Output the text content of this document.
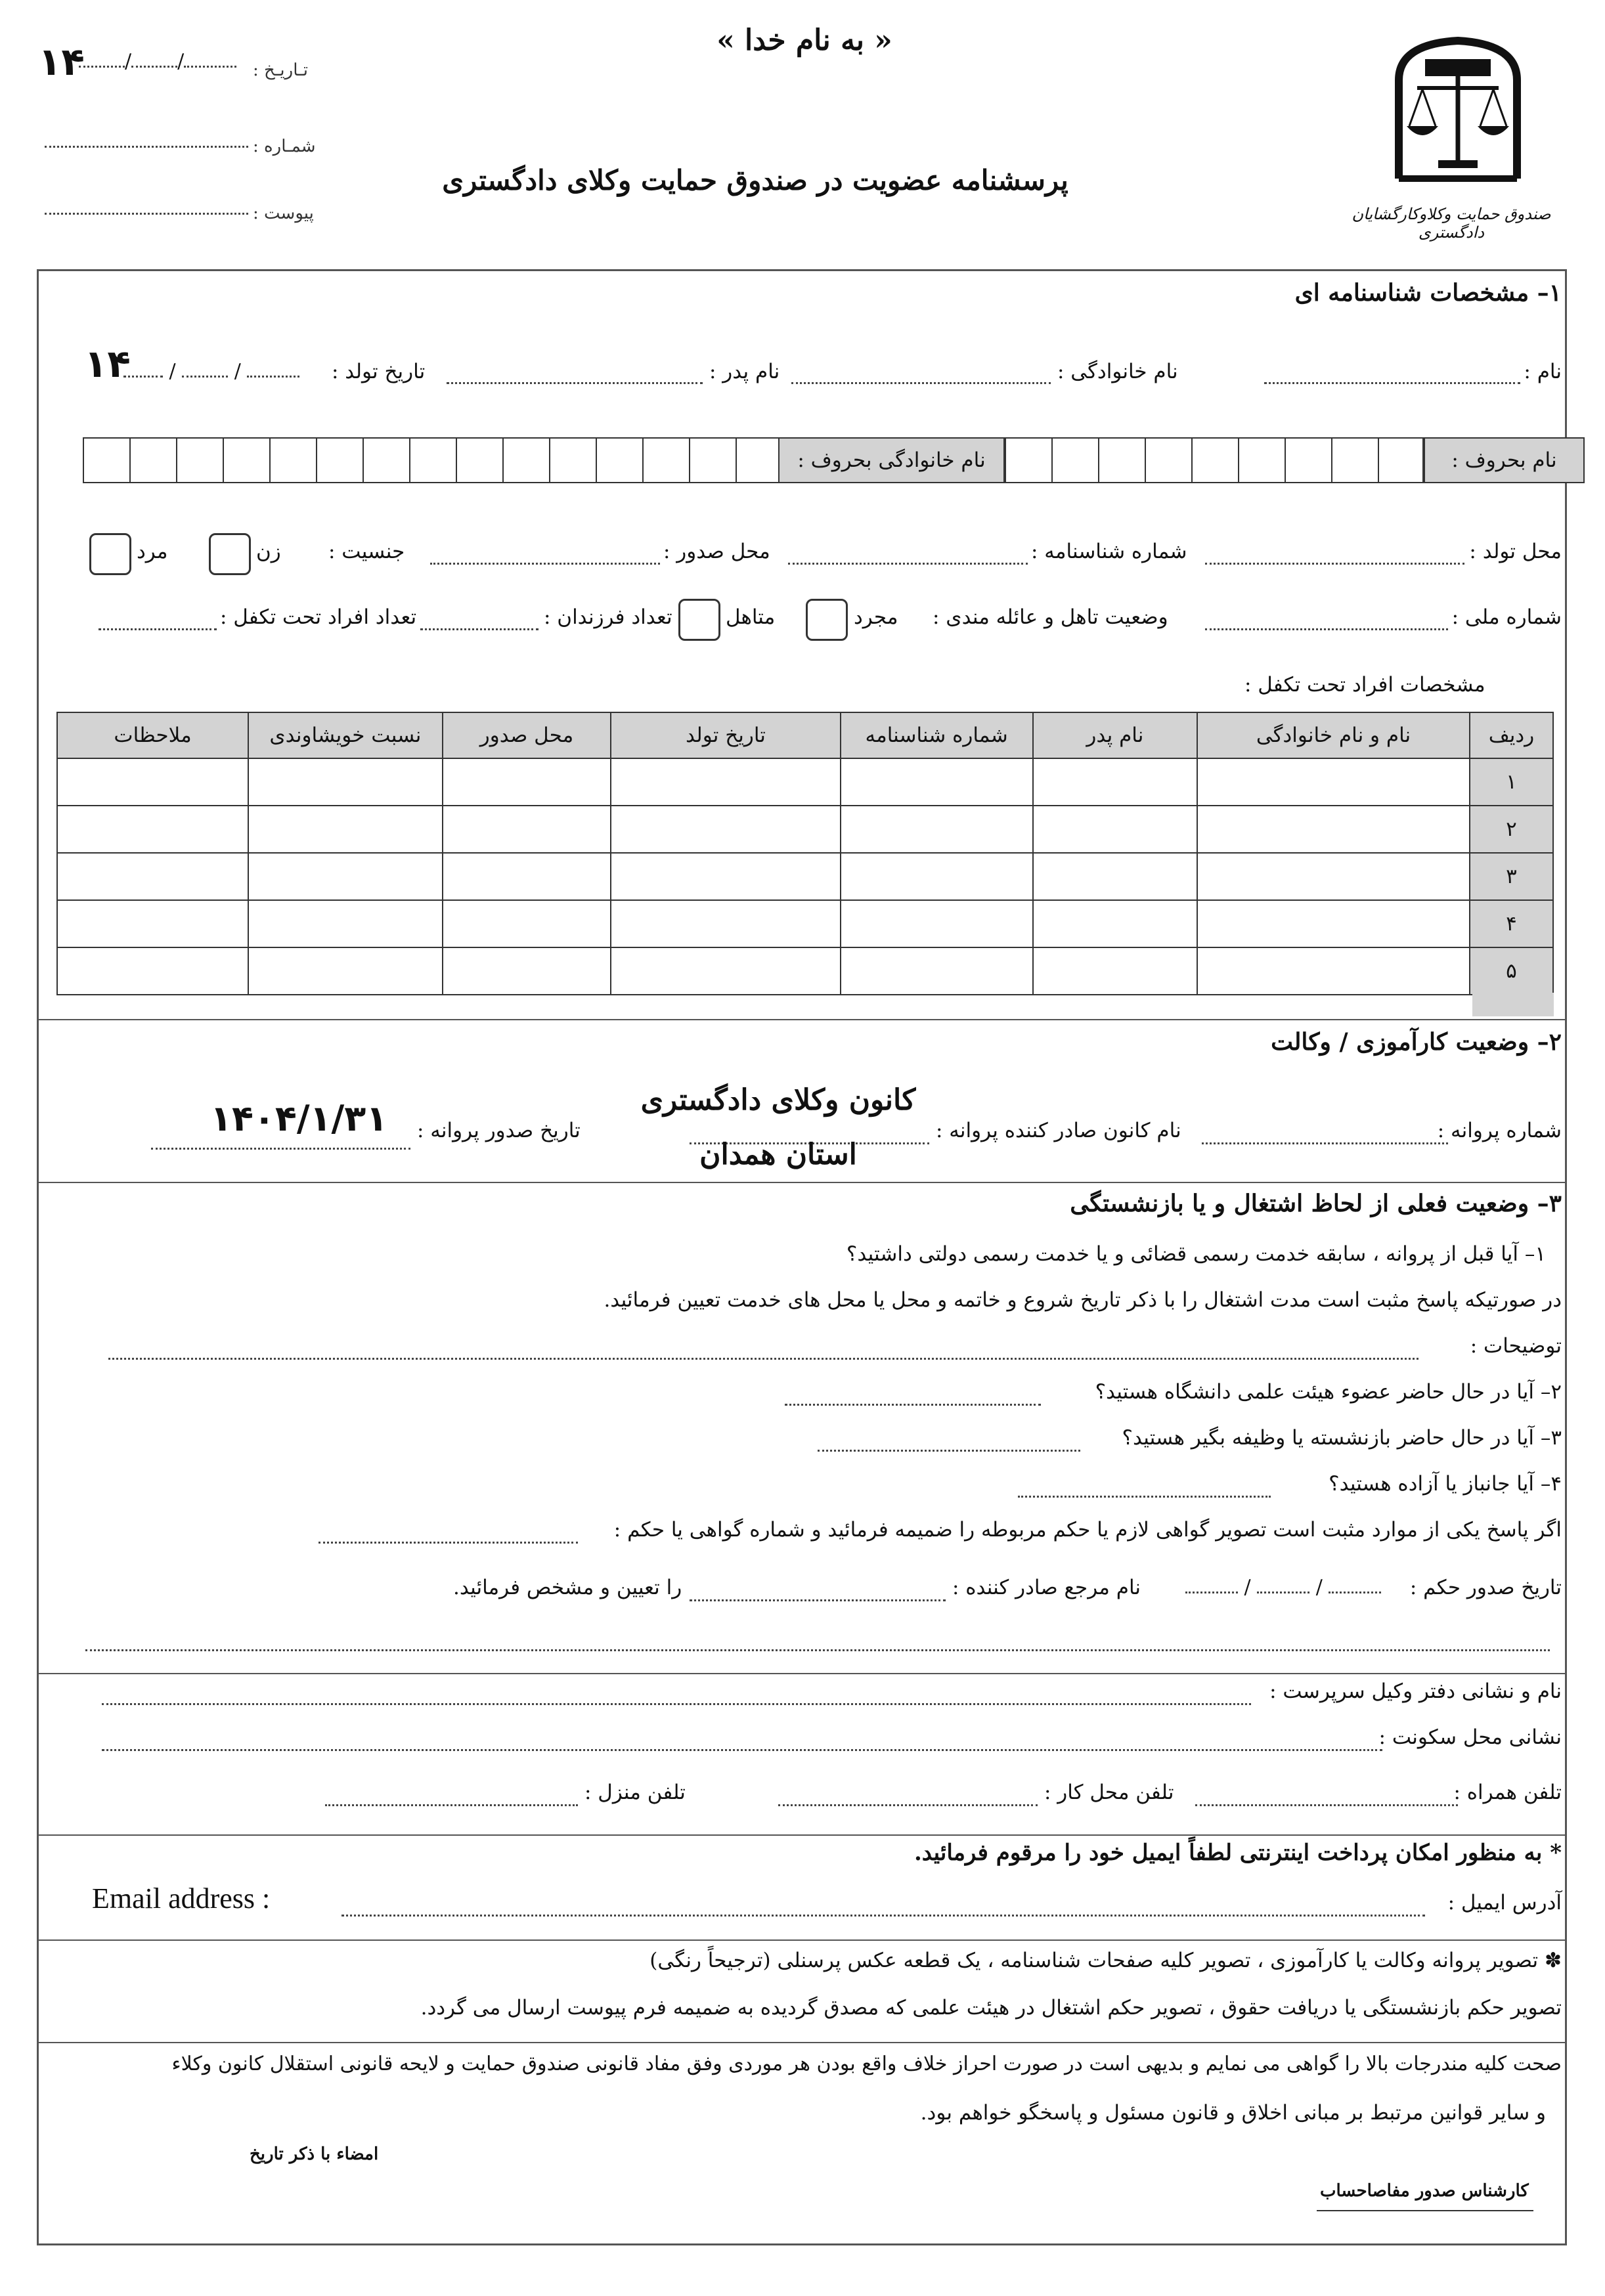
« به نام خدا »
پرسشنامه عضویت در صندوق حمایت وکلای دادگستری
۱۴	/ /	تـاریـخ :
شمـاره :
پیوست :	صندوق حمایت وکلاوکارگشایان دادگستری
۱– مشخصات شناسنامه ای
نام :
نام خانوادگی :
نام پدر :
تاریخ تولد :
۱۴	/  /
نام خانوادگی بحروف :	نام بحروف :
محل تولد :
شماره شناسنامه :
محل صدور :
جنسیت :
زن
مرد
شماره ملی :
وضعیت تاهل و عائله مندی :
مجرد
متاهل
تعداد فرزندان :
تعداد افراد تحت تکفل :
مشخصات افراد تحت تکفل :
ردیف	نام و نام خانوادگی	نام پدر	شماره شناسنامه	تاریخ تولد	محل صدور	نسبت خویشاوندی	ملاحظات
۱							
۲							
۳							
۴							
۵							
۲– وضعیت کارآموزی / وکالت
شماره پروانه :
نام کانون صادر کننده پروانه :
کانون وکلای دادگستری
استان همدان
تاریخ صدور پروانه :
۱۴۰۴/۱/۳۱
۳– وضعیت فعلی از لحاظ اشتغال و یا بازنشستگی
۱– آیا قبل از پروانه ، سابقه خدمت رسمی قضائی و یا خدمت رسمی دولتی داشتید؟
در صورتیکه پاسخ مثبت است مدت اشتغال را با ذکر تاریخ شروع و خاتمه و محل یا محل های خدمت تعیین فرمائید.
توضیحات :
۲– آیا در حال حاضر عضوء هیئت علمی دانشگاه هستید؟
۳– آیا در حال حاضر بازنشسته یا وظیفه بگیر هستید؟
۴– آیا جانباز یا آزاده هستید؟
اگر پاسخ یکی از موارد مثبت است تصویر گواهی لازم یا حکم مربوطه را ضمیمه فرمائید و شماره گواهی یا حکم :
تاریخ صدور حکم :
/	/
نام مرجع صادر کننده :
را تعیین و مشخص فرمائید.
نام و نشانی دفتر وکیل سرپرست :
نشانی محل سکونت :
تلفن همراه :
تلفن محل کار :
تلفن منزل :
* به منظور امکان پرداخت اینترنتی لطفاً ایمیل خود را مرقوم فرمائید.
آدرس ایمیل :
Email address :
✽ تصویر پروانه وکالت یا کارآموزی ، تصویر کلیه صفحات شناسنامه ، یک قطعه عکس پرسنلی (ترجیحاً رنگی)
تصویر حکم بازنشستگی یا دریافت حقوق ، تصویر حکم اشتغال در هیئت علمی که مصدق گردیده به ضمیمه فرم پیوست ارسال می گردد.
صحت کلیه مندرجات بالا را گواهی می نمایم و بدیهی است در صورت احراز خلاف واقع بودن هر موردی وفق مفاد قانونی صندوق حمایت و لایحه قانونی استقلال کانون وکلاء
و سایر قوانین مرتبط بر مبانی اخلاق و قانون مسئول و پاسخگو خواهم بود.
امضاء با ذکر تاریخ
کارشناس صدور مفاصاحساب
